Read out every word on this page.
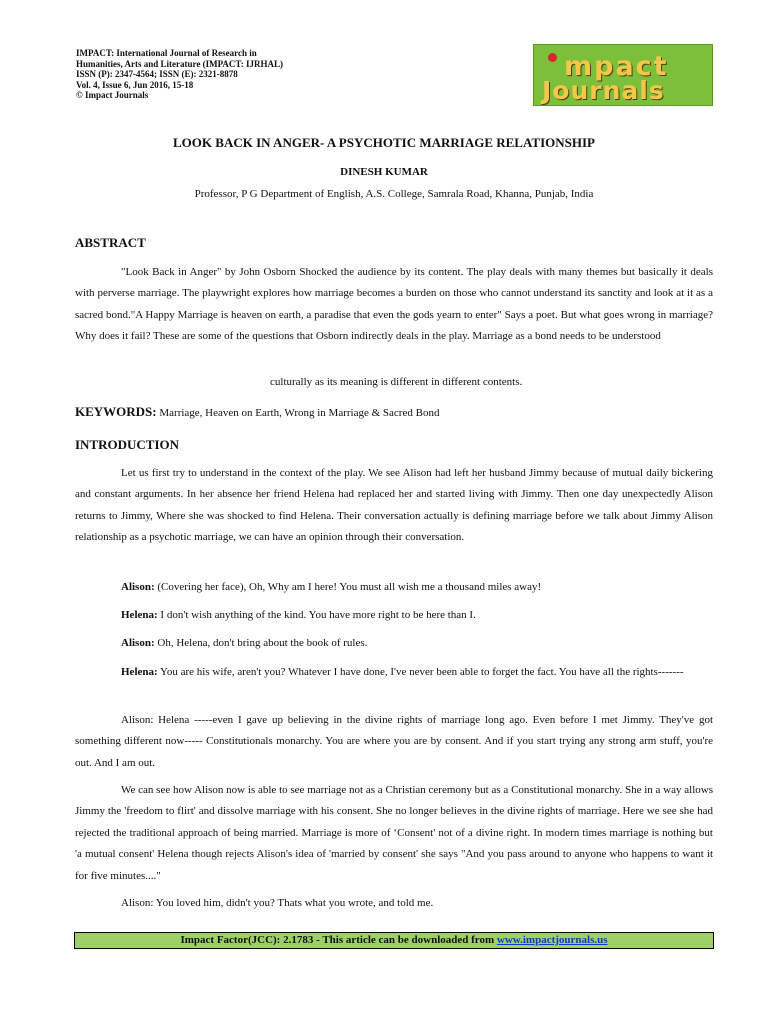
IMPACT: International Journal of Research in
Humanities, Arts and Literature (IMPACT: IJRHAL)
ISSN (P): 2347-4564; ISSN (E): 2321-8878
Vol. 4, Issue 6, Jun 2016, 15-18
© Impact Journals
mpact
Journals
LOOK BACK IN ANGER- A PSYCHOTIC MARRIAGE RELATIONSHIP
DINESH KUMAR
Professor, P G Department of English, A.S. College, Samrala Road, Khanna, Punjab, India
ABSTRACT
"Look Back in Anger" by John Osborn Shocked the audience by its content. The play deals with many themes but basically it deals with perverse marriage. The playwright explores how marriage becomes a burden on those who cannot understand its sanctity and look at it as a sacred bond."A Happy Marriage is heaven on earth, a paradise that even the gods yearn to enter" Says a poet. But what goes wrong in marriage? Why does it fail? These are some of the questions that Osborn indirectly deals in the play. Marriage as a bond needs to be understood
culturally as its meaning is different in different contents.
KEYWORDS: Marriage, Heaven on Earth, Wrong in Marriage & Sacred Bond
INTRODUCTION
Let us first try to understand in the context of the play. We see Alison had left her husband Jimmy because of mutual daily bickering and constant arguments. In her absence her friend Helena had replaced her and started living with Jimmy. Then one day unexpectedly Alison returns to Jimmy, Where she was shocked to find Helena. Their conversation actually is defining marriage before we talk about Jimmy Alison relationship as a psychotic marriage, we can have an opinion through their conversation.
Alison: (Covering her face), Oh, Why am I here! You must all wish me a thousand miles away!
Helena: I don't wish anything of the kind. You have more right to be here than I.
Alison: Oh, Helena, don't bring about the book of rules.
Helena: You are his wife, aren't you? Whatever I have done, I've never been able to forget the fact. You have all the rights-------
Alison: Helena -----even I gave up believing in the divine rights of marriage long ago. Even before I met Jimmy. They've got something different now----- Constitutionals monarchy. You are where you are by consent. And if you start trying any strong arm stuff, you're out. And I am out.
We can see how Alison now is able to see marriage not as a Christian ceremony but as a Constitutional monarchy. She in a way allows Jimmy the 'freedom to flirt' and dissolve marriage with his consent. She no longer believes in the divine rights of marriage. Here we see she had rejected the traditional approach of being married. Marriage is more of ‘Consent' not of a divine right. In modern times marriage is nothing but 'a mutual consent' Helena though rejects Alison's idea of 'married by consent' she says "And you pass around to anyone who happens to want it for five minutes...."
Alison: You loved him, didn't you? Thats what you wrote, and told me.
Impact Factor(JCC): 2.1783 - This article can be downloaded from www.impactjournals.us
